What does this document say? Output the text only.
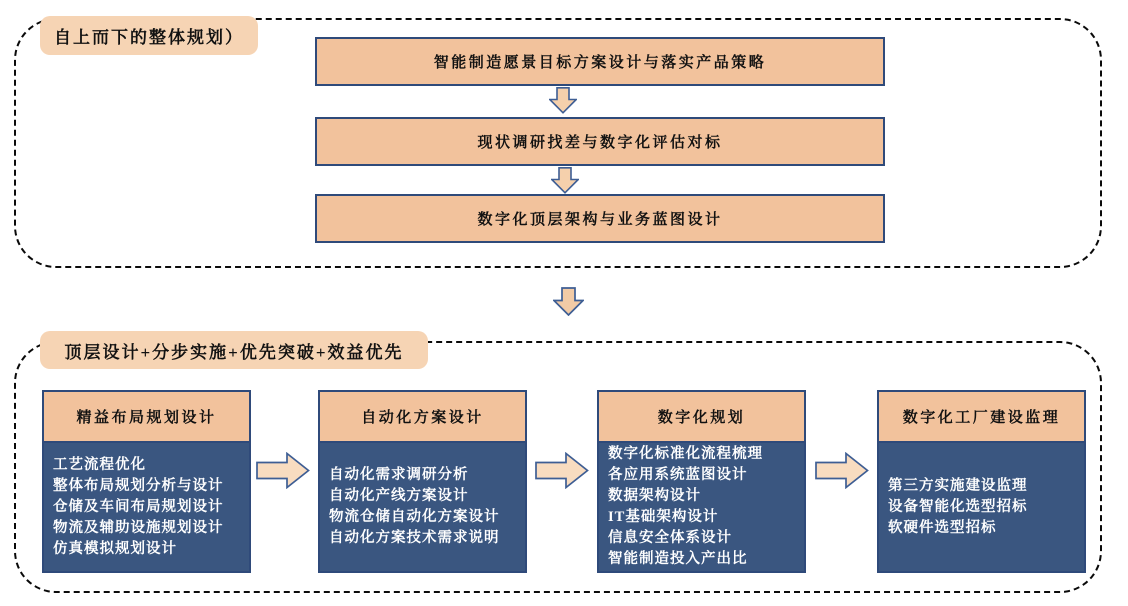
自上而下的整体规划）
智能制造愿景目标方案设计与落实产品策略
现状调研找差与数字化评估对标
数字化顶层架构与业务蓝图设计
顶层设计+分步实施+优先突破+效益优先
精益布局规划设计
工艺流程优化
整体布局规划分析与设计
仓储及车间布局规划设计
物流及辅助设施规划设计
仿真模拟规划设计
自动化方案设计
自动化需求调研分析
自动化产线方案设计
物流仓储自动化方案设计
自动化方案技术需求说明
数字化规划
数字化标准化流程梳理
各应用系统蓝图设计
数据架构设计
IT基础架构设计
信息安全体系设计
智能制造投入产出比
数字化工厂建设监理
第三方实施建设监理
设备智能化选型招标
软硬件选型招标
